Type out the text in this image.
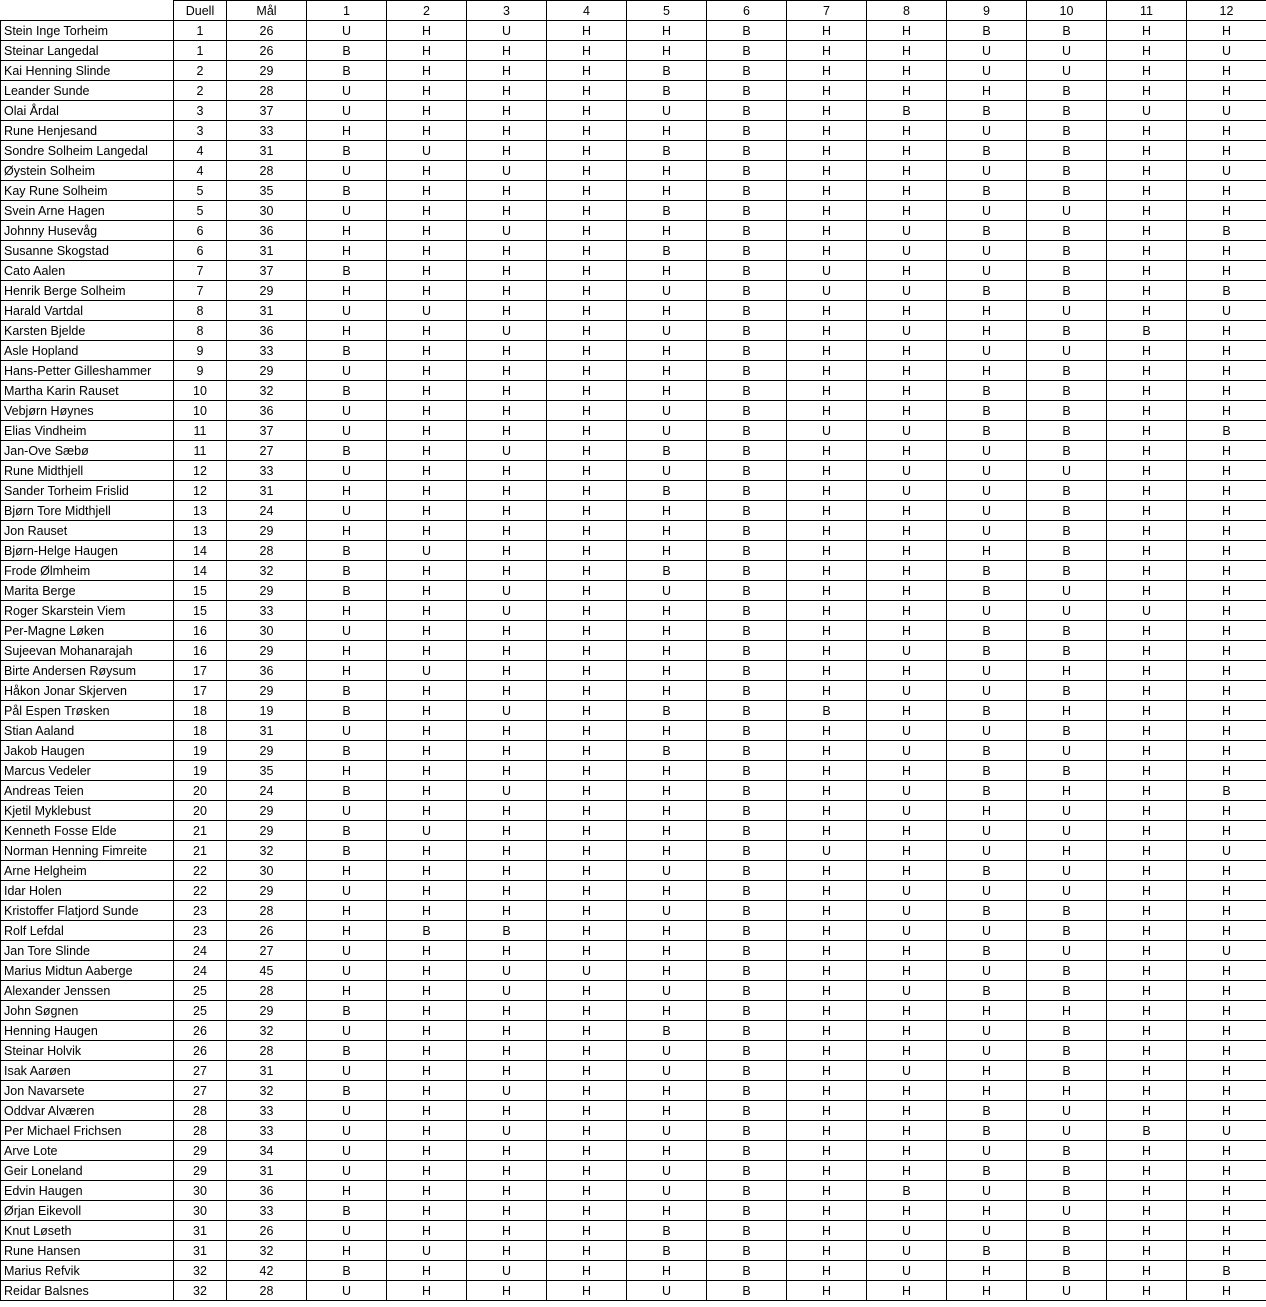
	Duell	Mål	1	2	3	4	5	6	7	8	9	10	11	12
Stein Inge Torheim	1	26	U	H	U	H	H	B	H	H	B	B	H	H
Steinar Langedal	1	26	B	H	H	H	H	B	H	H	U	U	H	U
Kai Henning Slinde	2	29	B	H	H	H	B	B	H	H	U	U	H	H
Leander Sunde	2	28	U	H	H	H	B	B	H	H	H	B	H	H
Olai Årdal	3	37	U	H	H	H	U	B	H	B	B	B	U	U
Rune Henjesand	3	33	H	H	H	H	H	B	H	H	U	B	H	H
Sondre Solheim Langedal	4	31	B	U	H	H	B	B	H	H	B	B	H	H
Øystein Solheim	4	28	U	H	U	H	H	B	H	H	U	B	H	U
Kay Rune Solheim	5	35	B	H	H	H	H	B	H	H	B	B	H	H
Svein Arne Hagen	5	30	U	H	H	H	B	B	H	H	U	U	H	H
Johnny Husevåg	6	36	H	H	U	H	H	B	H	U	B	B	H	B
Susanne Skogstad	6	31	H	H	H	H	B	B	H	U	U	B	H	H
Cato Aalen	7	37	B	H	H	H	H	B	U	H	U	B	H	H
Henrik Berge Solheim	7	29	H	H	H	H	U	B	U	U	B	B	H	B
Harald Vartdal	8	31	U	U	H	H	H	B	H	H	H	U	H	U
Karsten Bjelde	8	36	H	H	U	H	U	B	H	U	H	B	B	H
Asle Hopland	9	33	B	H	H	H	H	B	H	H	U	U	H	H
Hans-Petter Gilleshammer	9	29	U	H	H	H	H	B	H	H	H	B	H	H
Martha Karin Rauset	10	32	B	H	H	H	H	B	H	H	B	B	H	H
Vebjørn Høynes	10	36	U	H	H	H	U	B	H	H	B	B	H	H
Elias Vindheim	11	37	U	H	H	H	U	B	U	U	B	B	H	B
Jan-Ove Sæbø	11	27	B	H	U	H	B	B	H	H	U	B	H	H
Rune Midthjell	12	33	U	H	H	H	U	B	H	U	U	U	H	H
Sander Torheim Frislid	12	31	H	H	H	H	B	B	H	U	U	B	H	H
Bjørn Tore Midthjell	13	24	U	H	H	H	H	B	H	H	U	B	H	H
Jon Rauset	13	29	H	H	H	H	H	B	H	H	U	B	H	H
Bjørn-Helge Haugen	14	28	B	U	H	H	H	B	H	H	H	B	H	H
Frode Ølmheim	14	32	B	H	H	H	B	B	H	H	B	B	H	H
Marita Berge	15	29	B	H	U	H	U	B	H	H	B	U	H	H
Roger Skarstein Viem	15	33	H	H	U	H	H	B	H	H	U	U	U	H
Per-Magne Løken	16	30	U	H	H	H	H	B	H	H	B	B	H	H
Sujeevan Mohanarajah	16	29	H	H	H	H	H	B	H	U	B	B	H	H
Birte Andersen Røysum	17	36	H	U	H	H	H	B	H	H	U	H	H	H
Håkon Jonar Skjerven	17	29	B	H	H	H	H	B	H	U	U	B	H	H
Pål Espen Trøsken	18	19	B	H	U	H	B	B	B	H	B	H	H	H
Stian Aaland	18	31	U	H	H	H	H	B	H	U	U	B	H	H
Jakob Haugen	19	29	B	H	H	H	B	B	H	U	B	U	H	H
Marcus Vedeler	19	35	H	H	H	H	H	B	H	H	B	B	H	H
Andreas Teien	20	24	B	H	U	H	H	B	H	U	B	H	H	B
Kjetil Myklebust	20	29	U	H	H	H	H	B	H	U	H	U	H	H
Kenneth Fosse Elde	21	29	B	U	H	H	H	B	H	H	U	U	H	H
Norman Henning Fimreite	21	32	B	H	H	H	H	B	U	H	U	H	H	U
Arne Helgheim	22	30	H	H	H	H	U	B	H	H	B	U	H	H
Idar Holen	22	29	U	H	H	H	H	B	H	U	U	U	H	H
Kristoffer Flatjord Sunde	23	28	H	H	H	H	U	B	H	U	B	B	H	H
Rolf Lefdal	23	26	H	B	B	H	H	B	H	U	U	B	H	H
Jan Tore Slinde	24	27	U	H	H	H	H	B	H	H	B	U	H	U
Marius Midtun Aaberge	24	45	U	H	U	U	H	B	H	H	U	B	H	H
Alexander Jenssen	25	28	H	H	U	H	U	B	H	U	B	B	H	H
John Søgnen	25	29	B	H	H	H	H	B	H	H	H	H	H	H
Henning Haugen	26	32	U	H	H	H	B	B	H	H	U	B	H	H
Steinar Holvik	26	28	B	H	H	H	U	B	H	H	U	B	H	H
Isak Aarøen	27	31	U	H	H	H	U	B	H	U	H	B	H	H
Jon Navarsete	27	32	B	H	U	H	H	B	H	H	H	H	H	H
Oddvar Alværen	28	33	U	H	H	H	H	B	H	H	B	U	H	H
Per Michael Frichsen	28	33	U	H	U	H	U	B	H	H	B	U	B	U
Arve Lote	29	34	U	H	H	H	H	B	H	H	U	B	H	H
Geir Loneland	29	31	U	H	H	H	U	B	H	H	B	B	H	H
Edvin Haugen	30	36	H	H	H	H	U	B	H	B	U	B	H	H
Ørjan Eikevoll	30	33	B	H	H	H	H	B	H	H	H	U	H	H
Knut Løseth	31	26	U	H	H	H	B	B	H	U	U	B	H	H
Rune Hansen	31	32	H	U	H	H	B	B	H	U	B	B	H	H
Marius Refvik	32	42	B	H	U	H	H	B	H	U	H	B	H	B
Reidar Balsnes	32	28	U	H	H	H	U	B	H	H	H	U	H	H
